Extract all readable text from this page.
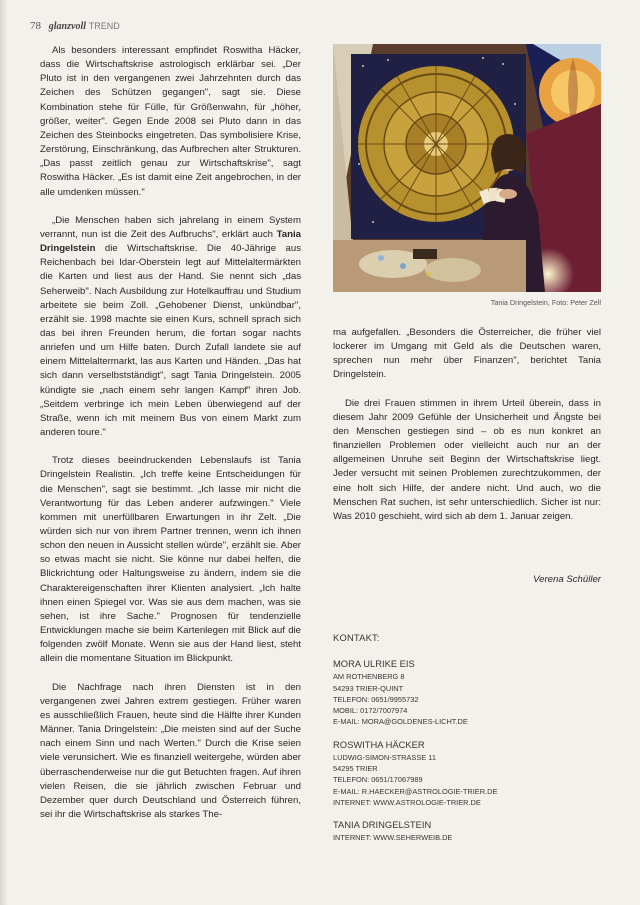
78 glanzvoll TREND

Als besonders interessant empfindet Roswitha Häcker, dass die Wirtschaftskrise astrologisch erklärbar sei. „Der Pluto ist in den vergangenen zwei Jahrzehnten durch das Zeichen des Schützen gegangen", sagt sie. Diese Kombination stehe für Fülle, für Größenwahn, für „höher, größer, weiter". Gegen Ende 2008 sei Pluto dann in das Zeichen des Steinbocks eingetreten. Das symbolisiere Krise, Zerstörung, Einschränkung, das Aufbrechen alter Strukturen. „Das passt zeitlich genau zur Wirtschaftskrise", sagt Roswitha Häcker. „Es ist damit eine Zeit angebrochen, in der alle umdenken müssen."

„Die Menschen haben sich jahrelang in einem System verrannt, nun ist die Zeit des Aufbruchs", erklärt auch Tania Dringelstein die Wirtschaftskrise. Die 40-Jährige aus Reichenbach bei Idar-Oberstein legt auf Mittelaltermärkten die Karten und liest aus der Hand. Sie nennt sich „das Seherweib". Nach Ausbildung zur Hotelkauffrau und Studium arbeitete sie beim Zoll. „Gehobener Dienst, unkündbar", erzählt sie. 1998 machte sie einen Kurs, schnell sprach sich das bei ihren Freunden herum, die fortan sogar nachts anriefen und um Hilfe baten. Durch Zufall landete sie auf einem Mittelaltermarkt, las aus Karten und Händen. „Das hat sich dann verselbstständigt", sagt Tania Dringelstein. 2005 kündigte sie „nach einem sehr langen Kampf" ihren Job. „Seitdem verbringe ich mein Leben überwiegend auf der Straße, wenn ich mit meinem Bus von einem Markt zum anderen toure."

Trotz dieses beeindruckenden Lebenslaufs ist Tania Dringelstein Realistin. „Ich treffe keine Entscheidungen für die Menschen", sagt sie bestimmt. „Ich lasse mir nicht die Verantwortung für das Leben anderer aufzwingen." Viele kommen mit unerfüllbaren Erwartungen in ihr Zelt. „Die würden sich nur von ihrem Partner trennen, wenn ich ihnen schon den neuen in Aussicht stellen würde", erzählt sie. Aber so etwas macht sie nicht. Sie könne nur dabei helfen, die Blickrichtung oder Haltungsweise zu ändern, indem sie die Charaktereigenschaften ihrer Klienten analysiert. „Ich halte ihnen einen Spiegel vor. Was sie aus dem machen, was sie sehen, ist ihre Sache." Prognosen für tendenzielle Entwicklungen mache sie beim Kartenlegen mit Blick auf die folgenden zwölf Monate. Wenn sie aus der Hand liest, steht allein die momentane Situation im Blickpunkt.

Die Nachfrage nach ihren Diensten ist in den vergangenen zwei Jahren extrem gestiegen. Früher waren es ausschließlich Frauen, heute sind die Hälfte ihrer Kunden Männer. Tania Dringelstein: „Die meisten sind auf der Suche nach einem Sinn und nach Werten." Durch die Krise seien viele verunsichert. Wie es finanziell weitergehe, würden aber überraschenderweise nur die gut Betuchten fragen. Auf ihren vielen Reisen, die sie jährlich zwischen Februar und Dezember quer durch Deutschland und Österreich führen, sei ihr die Wirtschaftskrise als starkes The-

Tania Dringelstein, Foto: Peter Zell

ma aufgefallen. „Besonders die Österreicher, die früher viel lockerer im Umgang mit Geld als die Deutschen waren, sprechen nun mehr über Finanzen", berichtet Tania Dringelstein.

Die drei Frauen stimmen in ihrem Urteil überein, dass in diesem Jahr 2009 Gefühle der Unsicherheit und Ängste bei den Menschen gestiegen sind – ob es nun konkret an finanziellen Problemen oder vielleicht auch nur an der allgemeinen Unruhe seit Beginn der Wirtschaftskrise liegt. Jeder versucht mit seinen Problemen zurechtzukommen, der eine holt sich Hilfe, der andere nicht. Und auch, wo die Menschen Rat suchen, ist sehr unterschiedlich. Sicher ist nur: Was 2010 geschieht, wird sich ab dem 1. Januar zeigen.

Verena Schüller
KONTAKT:
MORA ULRIKE EIS
AM ROTHENBERG 8
54293 TRIER-QUINT
TELEFON: 0651/9955732
MOBIL: 0172/7007974
E-MAIL: MORA@GOLDENES-LICHT.DE
ROSWITHA HÄCKER
LUDWIG-SIMON-STRASSE 11
54295 TRIER
TELEFON: 0651/17067989
E-MAIL: R.HAECKER@ASTROLOGIE-TRIER.DE
INTERNET: WWW.ASTROLOGIE-TRIER.DE
TANIA DRINGELSTEIN
INTERNET: WWW.SEHERWEIB.DE
